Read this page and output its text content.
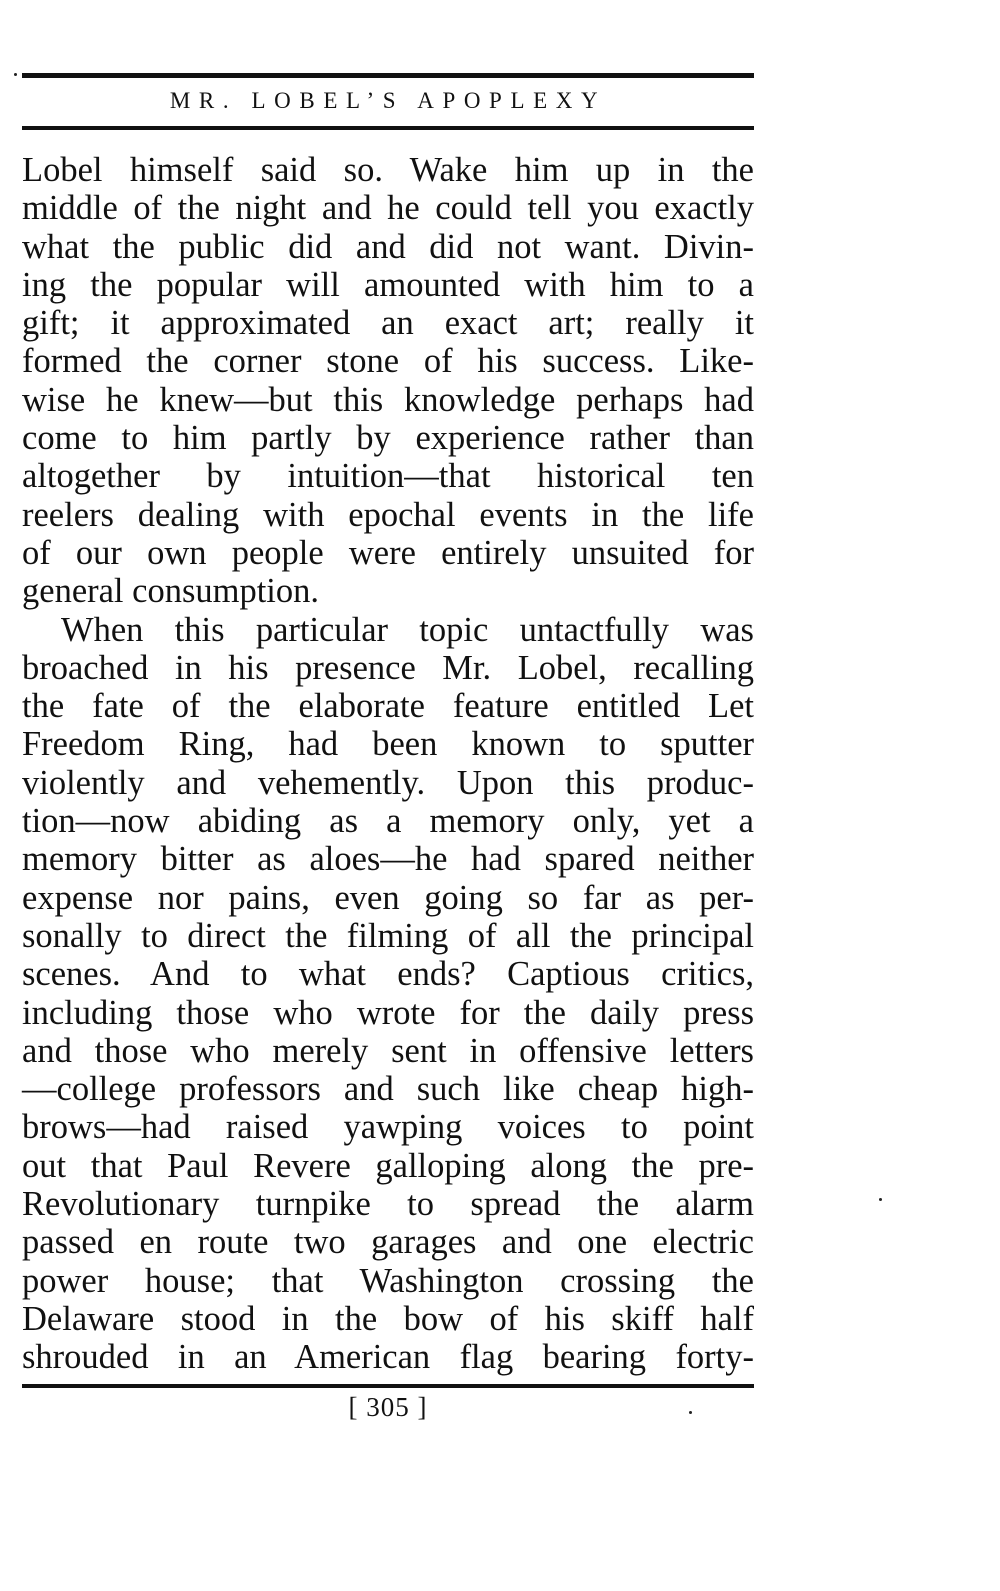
MR. LOBEL’S APOPLEXY
Lobel himself said so. Wake him up in the
middle of the night and he could tell you exactly
what the public did and did not want. Divin-
ing the popular will amounted with him to a
gift; it approximated an exact art; really it
formed the corner stone of his success. Like-
wise he knew—but this knowledge perhaps had
come to him partly by experience rather than
altogether by intuition—that historical ten
reelers dealing with epochal events in the life
of our own people were entirely unsuited for
general consumption.
When this particular topic untactfully was
broached in his presence Mr. Lobel, recalling
the fate of the elaborate feature entitled Let
Freedom Ring, had been known to sputter
violently and vehemently. Upon this produc-
tion—now abiding as a memory only, yet a
memory bitter as aloes—he had spared neither
expense nor pains, even going so far as per-
sonally to direct the filming of all the principal
scenes. And to what ends? Captious critics,
including those who wrote for the daily press
and those who merely sent in offensive letters
—college professors and such like cheap high-
brows—had raised yawping voices to point
out that Paul Revere galloping along the pre-
Revolutionary turnpike to spread the alarm
passed en route two garages and one electric
power house; that Washington crossing the
Delaware stood in the bow of his skiff half
shrouded in an American flag bearing forty-
[ 305 ]
